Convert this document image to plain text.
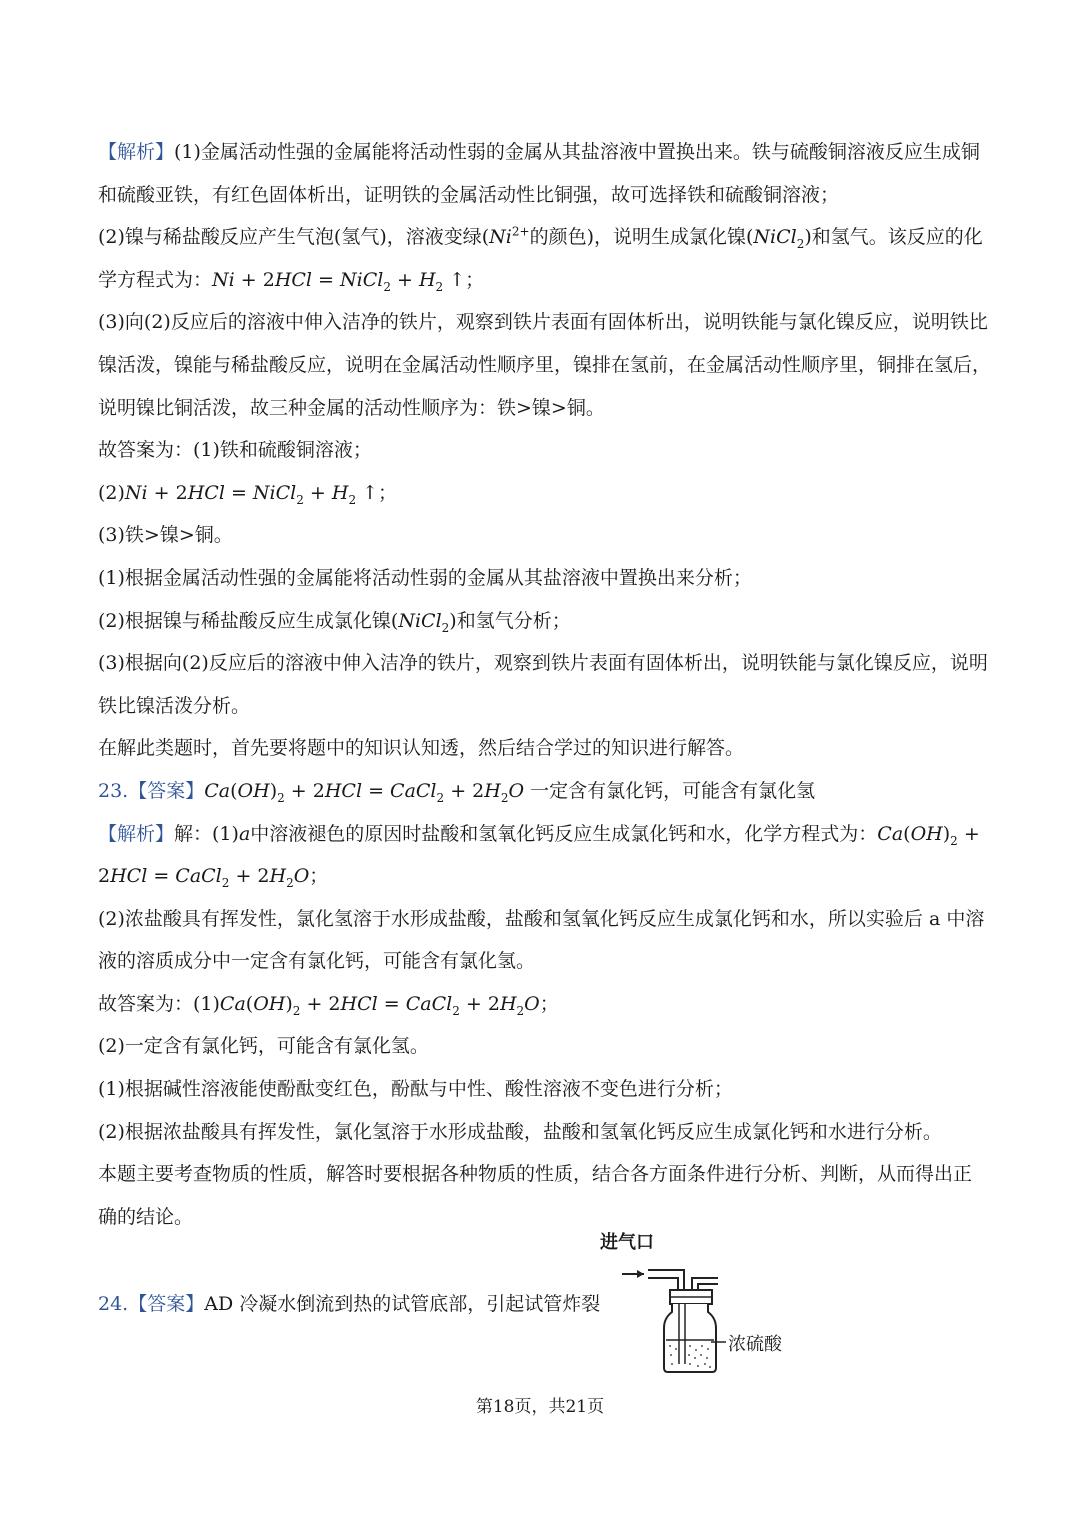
【解析】(1)金属活动性强的金属能将活动性弱的金属从其盐溶液中置换出来。铁与硫酸铜溶液反应生成铜
和硫酸亚铁，有红色固体析出，证明铁的金属活动性比铜强，故可选择铁和硫酸铜溶液；
(2)镍与稀盐酸反应产生气泡(氢气)，溶液变绿($Ni^{2+}$的颜色)，说明生成氯化镍(NiCl$_2$)和氢气。该反应的化
学方程式为：Ni + 2HCl = NiCl$_2$ + $H_2$ ↑；
(3)向(2)反应后的溶液中伸入洁净的铁片，观察到铁片表面有固体析出，说明铁能与氯化镍反应，说明铁比
镍活泼，镍能与稀盐酸反应，说明在金属活动性顺序里，镍排在氢前，在金属活动性顺序里，铜排在氢后，
说明镍比铜活泼，故三种金属的活动性顺序为：铁>镍>铜。
故答案为：(1)铁和硫酸铜溶液；
(2)Ni + 2HCl = NiCl$_2$ + $H_2$ ↑；
(3)铁>镍>铜。
(1)根据金属活动性强的金属能将活动性弱的金属从其盐溶液中置换出来分析；
(2)根据镍与稀盐酸反应生成氯化镍(NiCl$_2$)和氢气分析；
(3)根据向(2)反应后的溶液中伸入洁净的铁片，观察到铁片表面有固体析出，说明铁能与氯化镍反应，说明
铁比镍活泼分析。
在解此类题时，首先要将题中的知识认知透，然后结合学过的知识进行解答。
23.【答案】$Ca(OH)_2 + 2HCl$ = CaCl$_2$ + $2H_2O$ 一定含有氯化钙，可能含有氯化氢
【解析】解：(1)a中溶液褪色的原因时盐酸和氢氧化钙反应生成氯化钙和水，化学方程式为：$Ca(OH)_2$ +
2HCl = CaCl$_2$ + $2H_2O$；
(2)浓盐酸具有挥发性，氯化氢溶于水形成盐酸，盐酸和氢氧化钙反应生成氯化钙和水，所以实验后 a 中溶
液的溶质成分中一定含有氯化钙，可能含有氯化氢。
故答案为：$(1)Ca(OH)_2 + 2HCl$ = CaCl$_2$ + $2H_2O$；
(2)一定含有氯化钙，可能含有氯化氢。
(1)根据碱性溶液能使酚酞变红色，酚酞与中性、酸性溶液不变色进行分析；
(2)根据浓盐酸具有挥发性，氯化氢溶于水形成盐酸，盐酸和氢氧化钙反应生成氯化钙和水进行分析。
本题主要考查物质的性质，解答时要根据各种物质的性质，结合各方面条件进行分析、判断，从而得出正
确的结论。
24.【答案】AD 冷凝水倒流到热的试管底部，引起试管炸裂
进气口
浓硫酸
第18页，共21页
